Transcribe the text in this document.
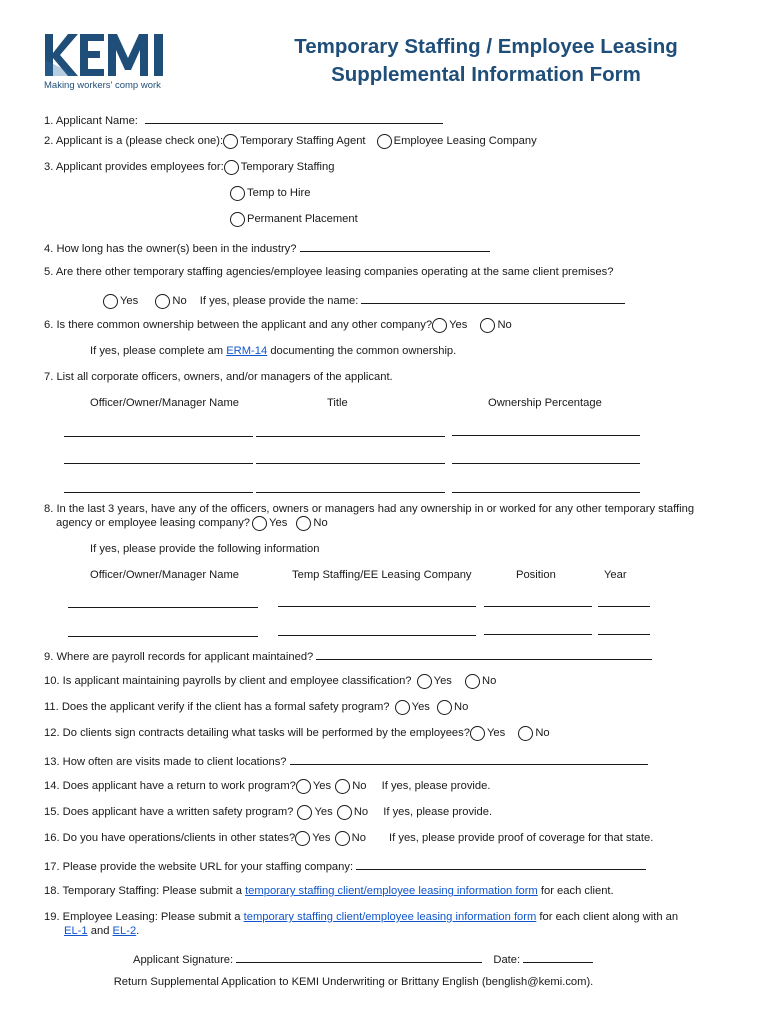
Making workers' comp work
Temporary Staffing / Employee Leasing
Supplemental Information Form
1. Applicant Name:
2. Applicant is a (please check one): Temporary Staffing Agent	Employee Leasing Company
3. Applicant provides employees for: Temporary Staffing
Temp to Hire
Permanent Placement
4. How long has the owner(s) been in the industry?
5. Are there other temporary staffing agencies/employee leasing companies operating at the same client premises?
Yes	No If yes, please provide the name:
6. Is there common ownership between the applicant and any other company? Yes	No
If yes, please complete am ERM-14 documenting the common ownership.
7. List all corporate officers, owners, and/or managers of the applicant.
Officer/Owner/Manager Name	Title	Ownership Percentage
8. In the last 3 years, have any of the officers, owners or managers had any ownership in or worked for any other temporary staffing
agency or employee leasing company? Yes No
If yes, please provide the following information
Officer/Owner/Manager Name	Temp Staffing/EE Leasing Company	Position	Year
9. Where are payroll records for applicant maintained?
10. Is applicant maintaining payrolls by client and employee classification? Yes	No
11. Does the applicant verify if the client has a formal safety program? Yes No
12. Do clients sign contracts detailing what tasks will be performed by the employees? Yes	No
13. How often are visits made to client locations?
14. Does applicant have a return to work program? Yes No If yes, please provide.
15. Does applicant have a written safety program? Yes No If yes, please provide.
16. Do you have operations/clients in other states? Yes No If yes, please provide proof of coverage for that state.
17. Please provide the website URL for your staffing company:
18. Temporary Staffing: Please submit a temporary staffing client/employee leasing information form for each client.
19. Employee Leasing: Please submit a temporary staffing client/employee leasing information form for each client along with an
EL-1 and EL-2.
Applicant Signature:	Date:
Return Supplemental Application to KEMI Underwriting or Brittany English (benglish@kemi.com).
